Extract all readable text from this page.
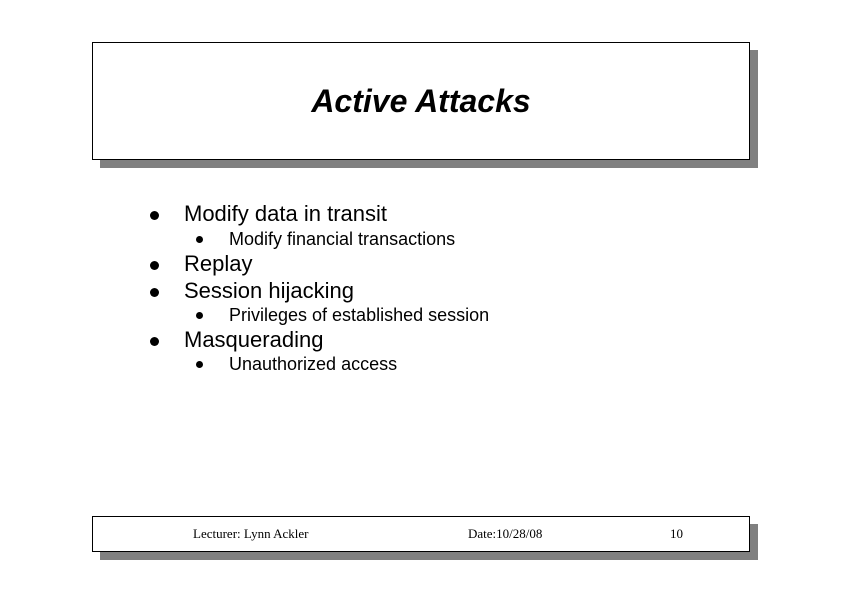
Active Attacks
Modify data in transit
Modify financial transactions
Replay
Session hijacking
Privileges of established session
Masquerading
Unauthorized access
Lecturer: Lynn Ackler	Date:10/28/08	10
